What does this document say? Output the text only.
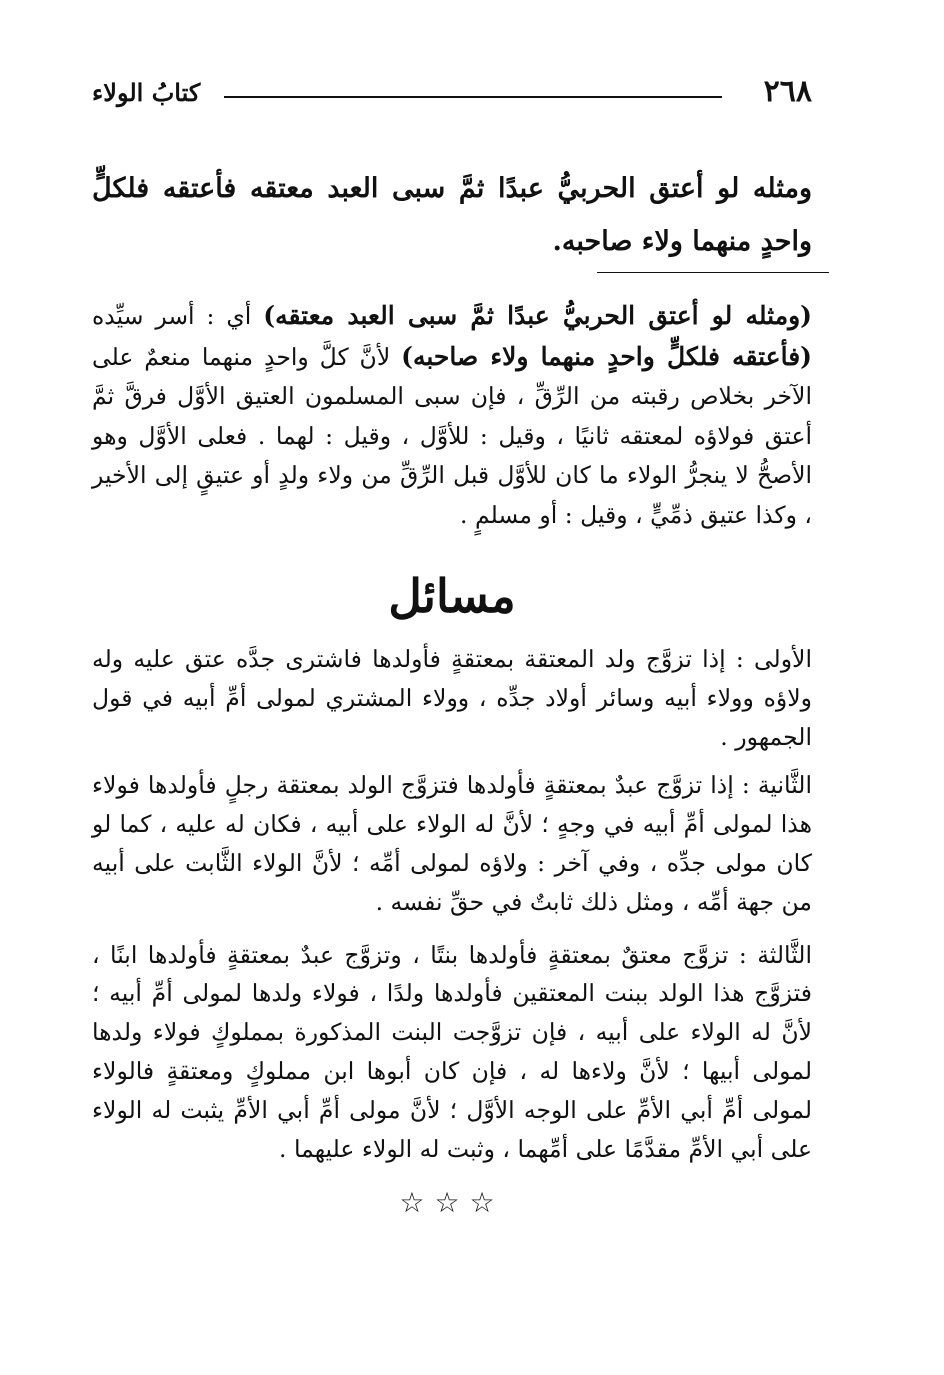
٢٦٨
كتابُ الولاء
ومثله لو أعتق الحربيُّ عبدًا ثمَّ سبى العبد معتقه فأعتقه فلكلٍّ واحدٍ منهما ولاء صاحبه.
(ومثله لو أعتق الحربيُّ عبدًا ثمَّ سبى العبد معتقه) أي : أسر سيِّده (فأعتقه فلكلٍّ واحدٍ منهما ولاء صاحبه) لأنَّ كلَّ واحدٍ منهما منعمٌ على الآخر بخلاص رقبته من الرِّقِّ ، فإن سبى المسلمون العتيق الأوَّل فرقَّ ثمَّ أعتق فولاؤه لمعتقه ثانيًا ، وقيل : للأوَّل ، وقيل : لهما . فعلى الأوَّل وهو الأصحُّ لا ينجرُّ الولاء ما كان للأوَّل قبل الرِّقِّ من ولاء ولدٍ أو عتيقٍ إلى الأخير ، وكذا عتيق ذمِّيٍّ ، وقيل : أو مسلمٍ .
مسائل

الأولى : إذا تزوَّج ولد المعتقة بمعتقةٍ فأولدها فاشترى جدَّه عتق عليه وله ولاؤه وولاء أبيه وسائر أولاد جدِّه ، وولاء المشتري لمولى أمِّ أبيه في قول الجمهور .

الثَّانية : إذا تزوَّج عبدٌ بمعتقةٍ فأولدها فتزوَّج الولد بمعتقة رجلٍ فأولدها فولاء هذا لمولى أمِّ أبيه في وجهٍ ؛ لأنَّ له الولاء على أبيه ، فكان له عليه ، كما لو كان مولى جدِّه ، وفي آخر : ولاؤه لمولى أمِّه ؛ لأنَّ الولاء الثَّابت على أبيه من جهة أمِّه ، ومثل ذلك ثابتٌ في حقِّ نفسه .

الثَّالثة : تزوَّج معتقٌ بمعتقةٍ فأولدها بنتًا ، وتزوَّج عبدٌ بمعتقةٍ فأولدها ابنًا ، فتزوَّج هذا الولد ببنت المعتقين فأولدها ولدًا ، فولاء ولدها لمولى أمِّ أبيه ؛ لأنَّ له الولاء على أبيه ، فإن تزوَّجت البنت المذكورة بمملوكٍ فولاء ولدها لمولى أبيها ؛ لأنَّ ولاءها له ، فإن كان أبوها ابن مملوكٍ ومعتقةٍ فالولاء لمولى أمِّ أبي الأمِّ على الوجه الأوَّل ؛ لأنَّ مولى أمِّ أبي الأمِّ يثبت له الولاء على أبي الأمِّ مقدَّمًا على أمِّهما ، وثبت له الولاء عليهما .

☆☆☆
